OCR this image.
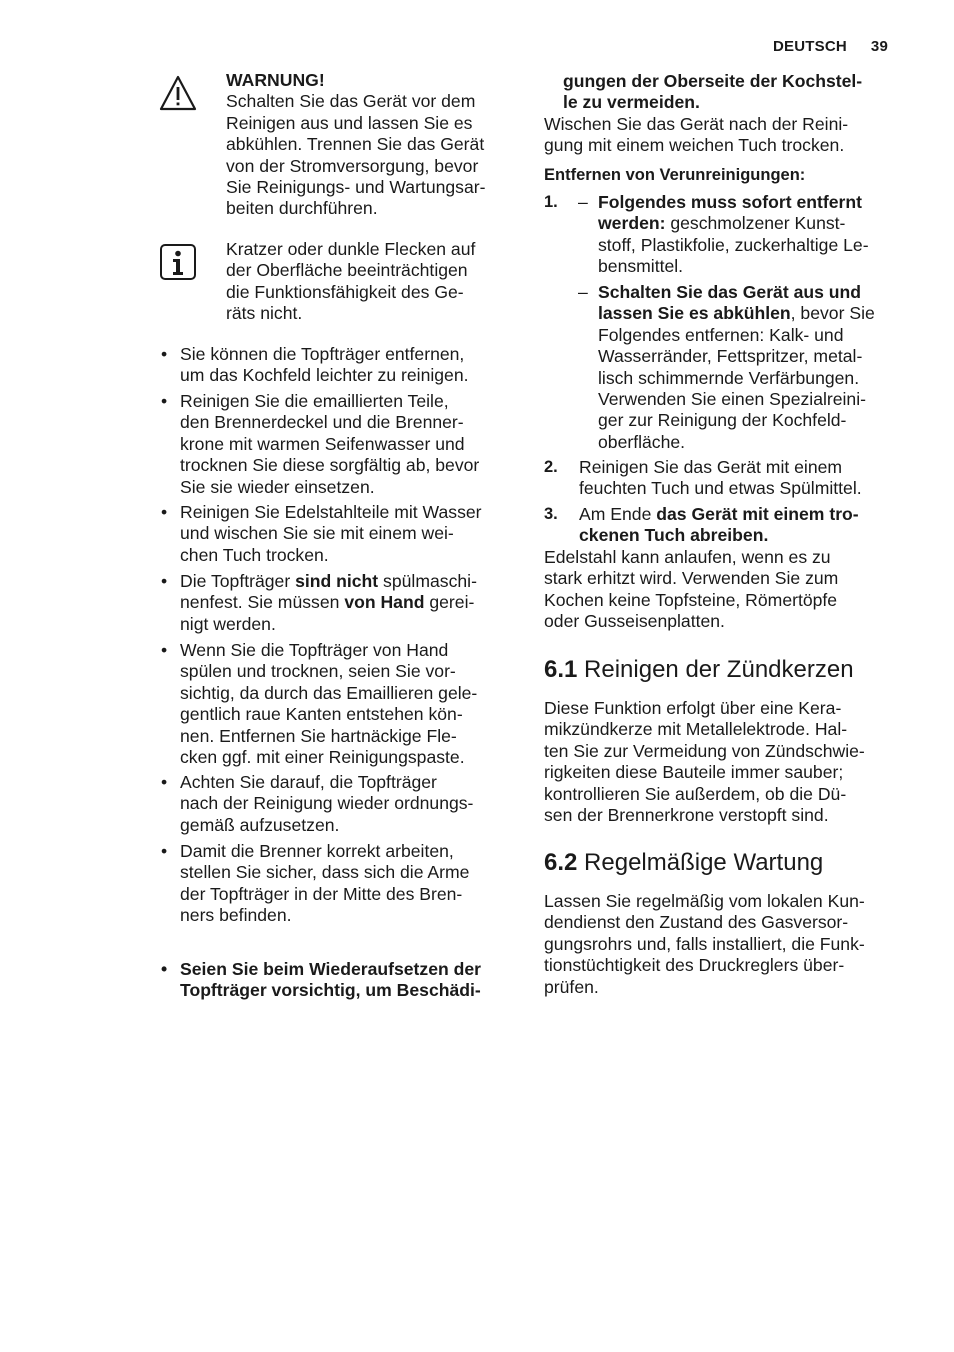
DEUTSCH 39
WARNUNG!
Schalten Sie das Gerät vor dem
Reinigen aus und lassen Sie es
abkühlen. Trennen Sie das Gerät
von der Stromversorgung, bevor
Sie Reinigungs- und Wartungsar-
beiten durchführen.
Kratzer oder dunkle Flecken auf
der Oberfläche beeinträchtigen
die Funktionsfähigkeit des Ge-
räts nicht.
• Sie können die Topfträger entfernen,
um das Kochfeld leichter zu reinigen.
• Reinigen Sie die emaillierten Teile,
den Brennerdeckel und die Brenner-
krone mit warmen Seifenwasser und
trocknen Sie diese sorgfältig ab, bevor
Sie sie wieder einsetzen.
• Reinigen Sie Edelstahlteile mit Wasser
und wischen Sie sie mit einem wei-
chen Tuch trocken.
• Die Topfträger sind nicht spülmaschi-
nenfest. Sie müssen von Hand gerei-
nigt werden.
• Wenn Sie die Topfträger von Hand
spülen und trocknen, seien Sie vor-
sichtig, da durch das Emaillieren gele-
gentlich raue Kanten entstehen kön-
nen. Entfernen Sie hartnäckige Fle-
cken ggf. mit einer Reinigungspaste.
• Achten Sie darauf, die Topfträger
nach der Reinigung wieder ordnungs-
gemäß aufzusetzen.
• Damit die Brenner korrekt arbeiten,
stellen Sie sicher, dass sich die Arme
der Topfträger in der Mitte des Bren-
ners befinden.
• Seien Sie beim Wiederaufsetzen der
Topfträger vorsichtig, um Beschädi-
gungen der Oberseite der Kochstel-
le zu vermeiden.
Wischen Sie das Gerät nach der Reini-
gung mit einem weichen Tuch trocken.
Entfernen von Verunreinigungen:
1. – Folgendes muss sofort entfernt
werden: geschmolzener Kunst-
stoff, Plastikfolie, zuckerhaltige Le-
bensmittel.
– Schalten Sie das Gerät aus und
lassen Sie es abkühlen, bevor Sie
Folgendes entfernen: Kalk- und
Wasserränder, Fettspritzer, metal-
lisch schimmernde Verfärbungen.
Verwenden Sie einen Spezialreini-
ger zur Reinigung der Kochfeld-
oberfläche.
2. Reinigen Sie das Gerät mit einem
feuchten Tuch und etwas Spülmittel.
3. Am Ende das Gerät mit einem tro-
ckenen Tuch abreiben.
Edelstahl kann anlaufen, wenn es zu
stark erhitzt wird. Verwenden Sie zum
Kochen keine Topfsteine, Römertöpfe
oder Gusseisenplatten.
6.1 Reinigen der Zündkerzen
Diese Funktion erfolgt über eine Kera-
mikzündkerze mit Metallelektrode. Hal-
ten Sie zur Vermeidung von Zündschwie-
rigkeiten diese Bauteile immer sauber;
kontrollieren Sie außerdem, ob die Dü-
sen der Brennerkrone verstopft sind.
6.2 Regelmäßige Wartung
Lassen Sie regelmäßig vom lokalen Kun-
dendienst den Zustand des Gasversor-
gungsrohrs und, falls installiert, die Funk-
tionstüchtigkeit des Druckreglers über-
prüfen.
